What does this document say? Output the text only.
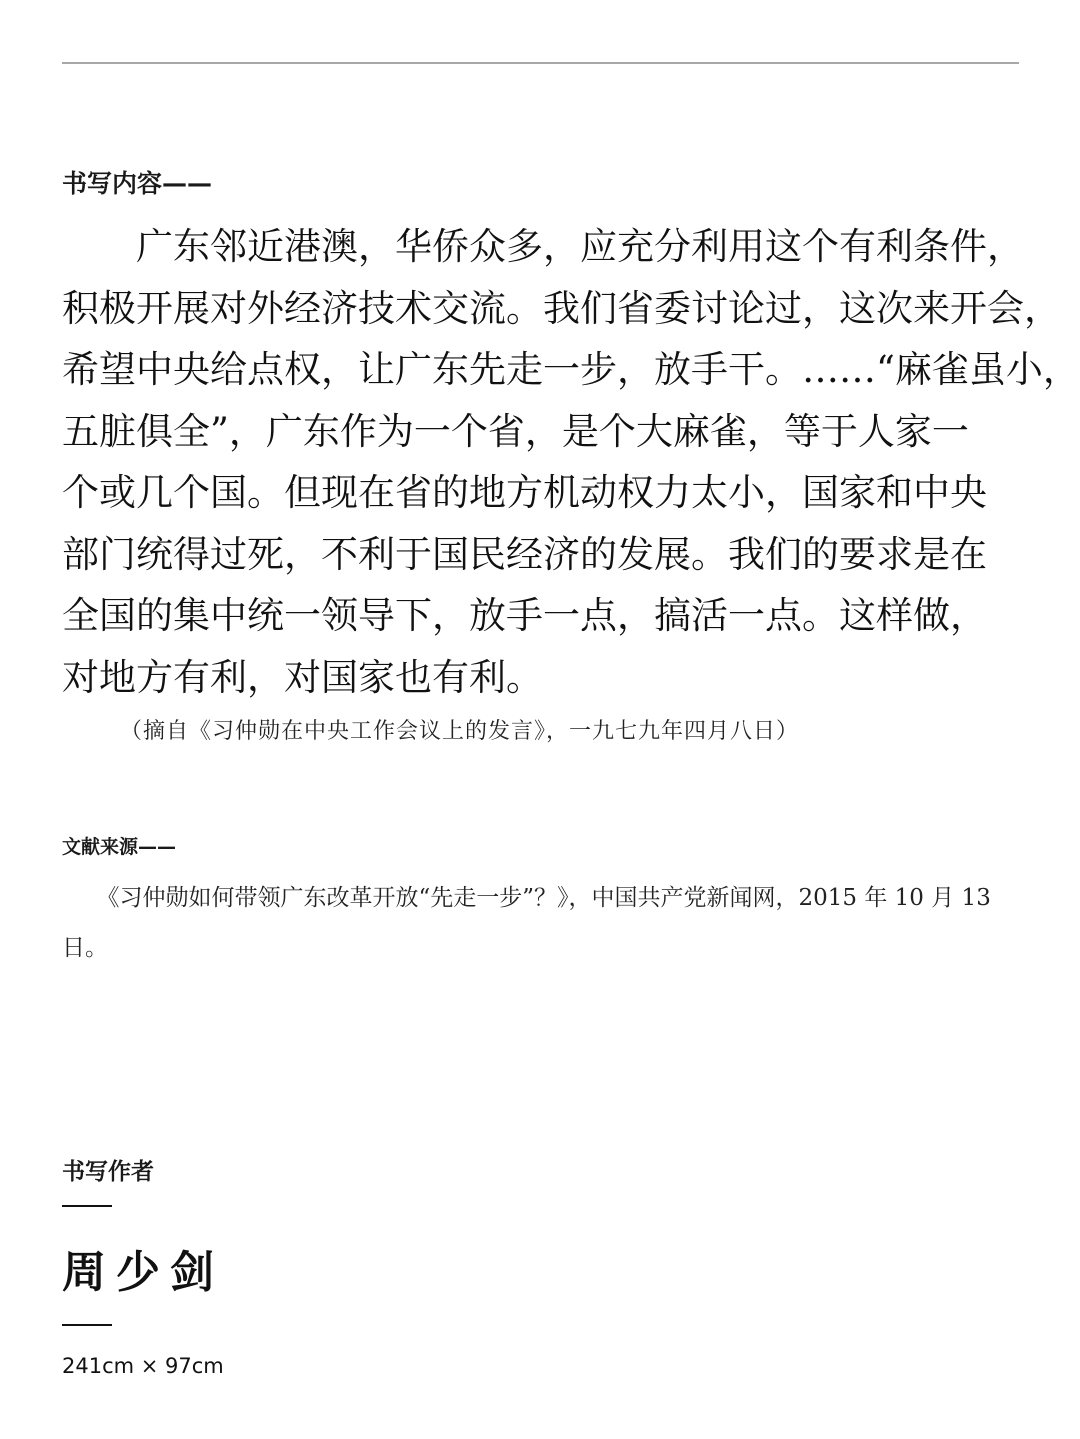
书写内容——
　　广东邻近港澳，华侨众多，应充分利用这个有利条件，
积极开展对外经济技术交流。我们省委讨论过，这次来开会，
希望中央给点权，让广东先走一步，放手干。……“麻雀虽小，
五脏俱全”，广东作为一个省，是个大麻雀，等于人家一
个或几个国。但现在省的地方机动权力太小，国家和中央
部门统得过死，不利于国民经济的发展。我们的要求是在
全国的集中统一领导下，放手一点，搞活一点。这样做，
对地方有利，对国家也有利。
（摘自《习仲勋在中央工作会议上的发言》，一九七九年四月八日）
文献来源——
　　《习仲勋如何带领广东改革开放“先走一步”？》，中国共产党新闻网，2015 年 10 月 13 日。
书写作者
周少剑
241cm × 97cm
